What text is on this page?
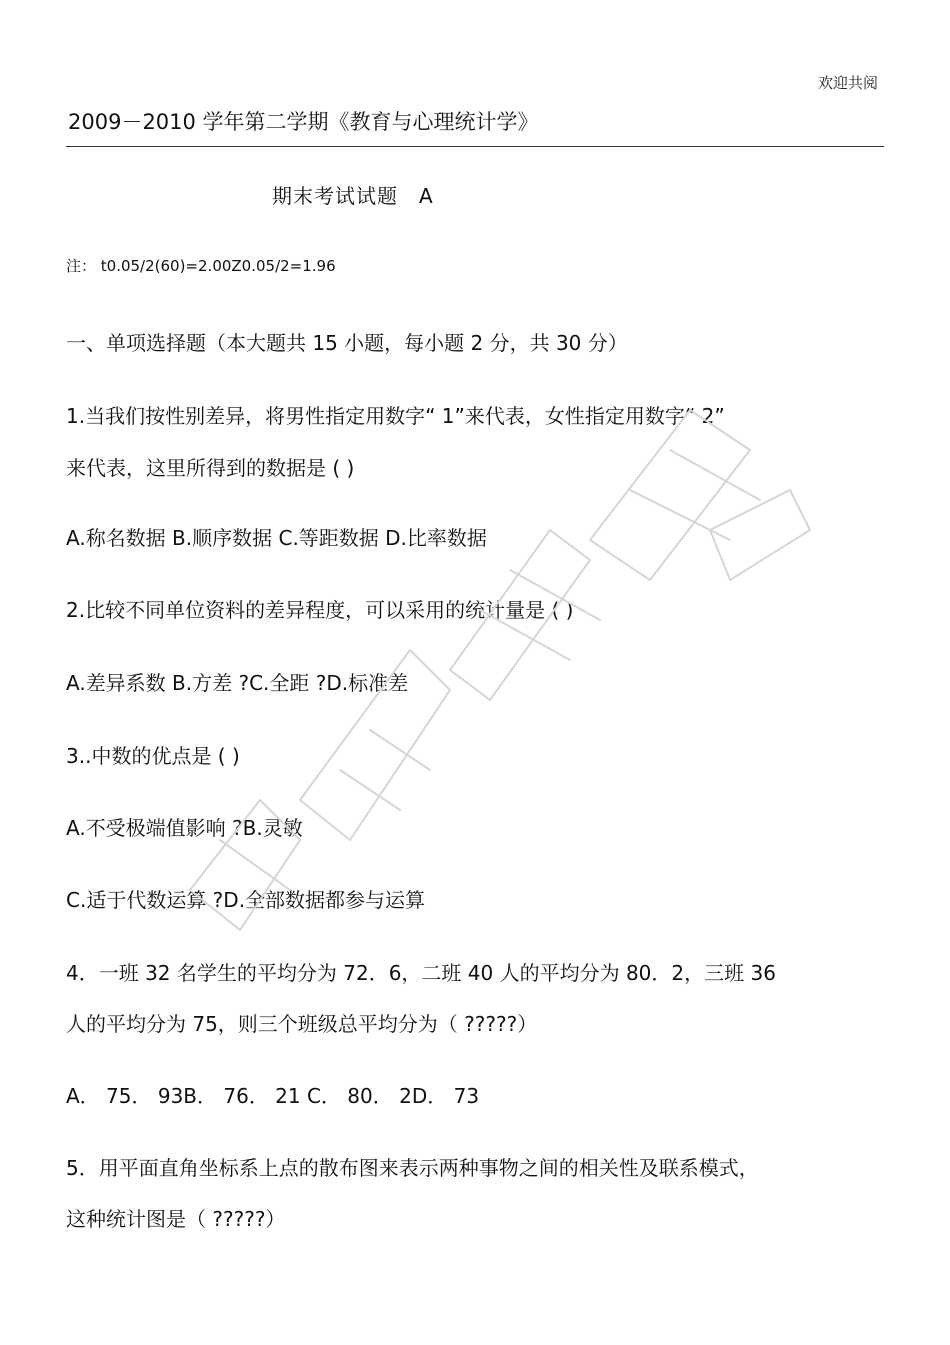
欢迎共阅
2009－2010 学年第二学期《教育与心理统计学》
期末考试试题　A
注： t0.05/2(60)=2.00Z0.05/2=1.96
一、单项选择题（本大题共 15 小题，每小题 2 分，共 30 分）
1.当我们按性别差异，将男性指定用数字“ 1”来代表，女性指定用数字“ 2”
来代表，这里所得到的数据是 ( )
A.称名数据 B.顺序数据 C.等距数据 D.比率数据
2.比较不同单位资料的差异程度，可以采用的统计量是 ( )
A.差异系数 B.方差 ?C.全距 ?D.标准差
3..中数的优点是 ( )
A.不受极端值影响 ?B.灵敏
C.适于代数运算 ?D.全部数据都参与运算
4．一班 32 名学生的平均分为 72．6，二班 40 人的平均分为 80．2，三班 36
人的平均分为 75，则三个班级总平均分为（ ?????）
A． 75． 93B． 76． 21 C． 80． 2D． 73
5．用平面直角坐标系上点的散布图来表示两种事物之间的相关性及联系模式，
这种统计图是（ ?????）
